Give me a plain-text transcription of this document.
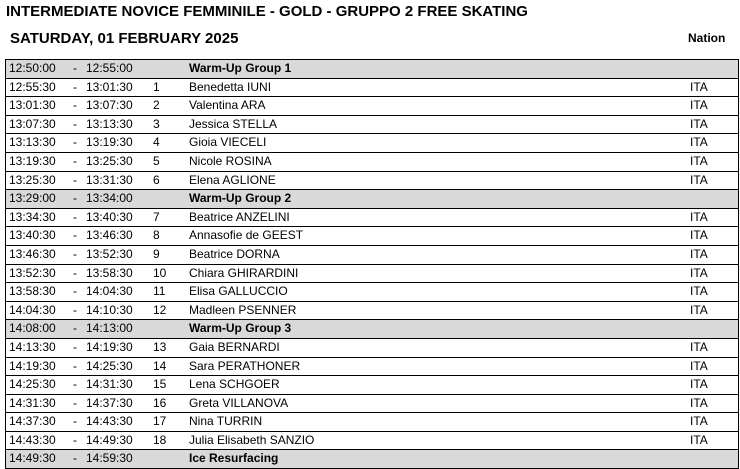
INTERMEDIATE NOVICE FEMMINILE - GOLD - GRUPPO 2 FREE SKATING
SATURDAY, 01 FEBRUARY 2025	Nation
12:50:00 - 12:55:00	Warm-Up Group 1
12:55:30 - 13:01:30 1 Benedetta IUNI	ITA
13:01:30 - 13:07:30 2 Valentina ARA	ITA
13:07:30 - 13:13:30 3 Jessica STELLA	ITA
13:13:30 - 13:19:30 4 Gioia VIECELI	ITA
13:19:30 - 13:25:30 5 Nicole ROSINA	ITA
13:25:30 - 13:31:30 6 Elena AGLIONE	ITA
13:29:00 - 13:34:00	Warm-Up Group 2
13:34:30 - 13:40:30 7 Beatrice ANZELINI	ITA
13:40:30 - 13:46:30 8 Annasofie de GEEST	ITA
13:46:30 - 13:52:30 9 Beatrice DORNA	ITA
13:52:30 - 13:58:30 10 Chiara GHIRARDINI	ITA
13:58:30 - 14:04:30 11 Elisa GALLUCCIO	ITA
14:04:30 - 14:10:30 12 Madleen PSENNER	ITA
14:08:00 - 14:13:00	Warm-Up Group 3
14:13:30 - 14:19:30 13 Gaia BERNARDI	ITA
14:19:30 - 14:25:30 14 Sara PERATHONER	ITA
14:25:30 - 14:31:30 15 Lena SCHGOER	ITA
14:31:30 - 14:37:30 16 Greta VILLANOVA	ITA
14:37:30 - 14:43:30 17 Nina TURRIN	ITA
14:43:30 - 14:49:30 18 Julia Elisabeth SANZIO	ITA
14:49:30 - 14:59:30	Ice Resurfacing
